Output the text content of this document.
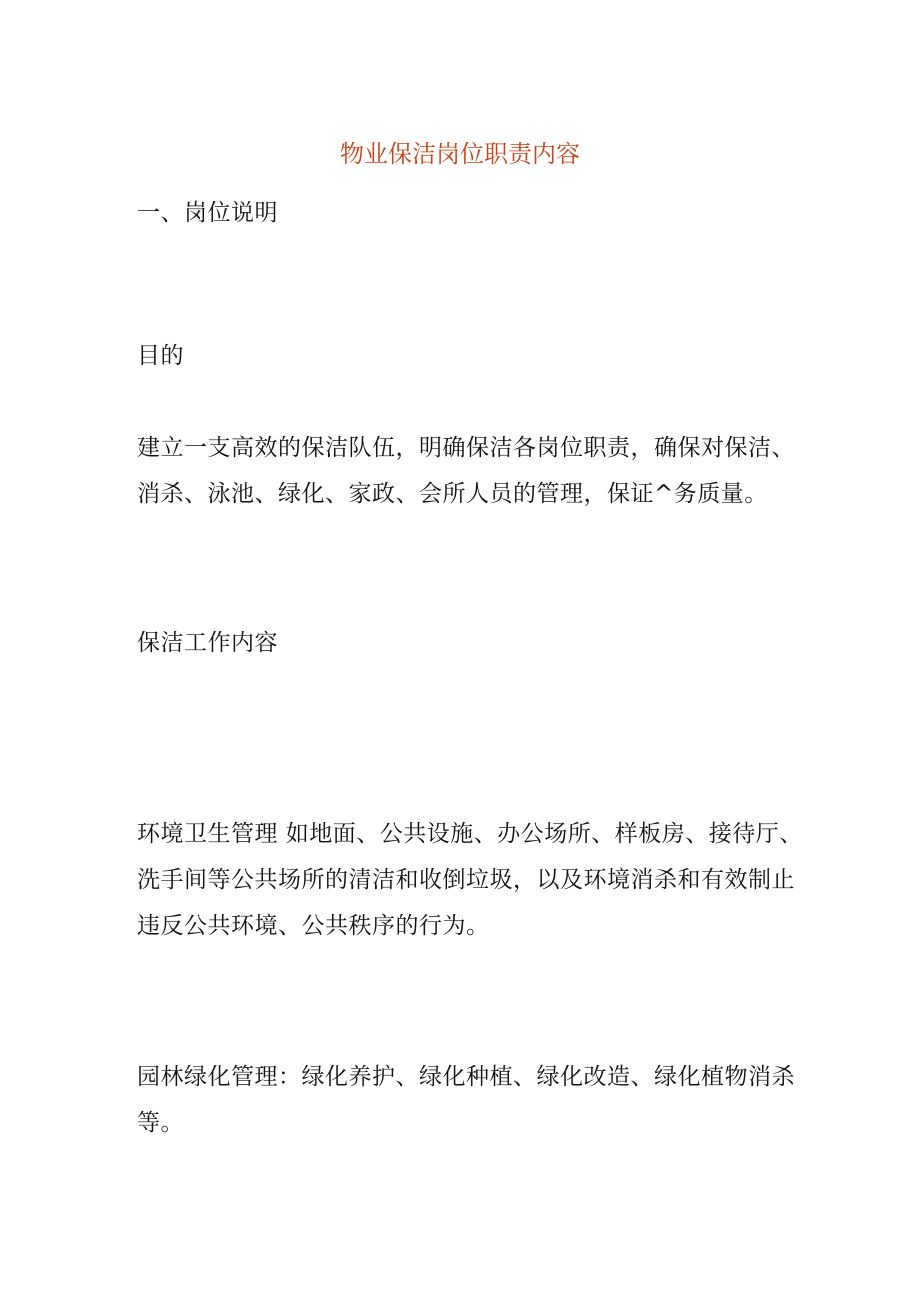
物业保洁岗位职责内容
一、岗位说明
目的
建立一支高效的保洁队伍，明确保洁各岗位职责，确保对保洁、
消杀、泳池、绿化、家政、会所人员的管理，保证^务质量。
保洁工作内容
环境卫生管理 如地面、公共设施、办公场所、样板房、接待厅、
洗手间等公共场所的清洁和收倒垃圾，以及环境消杀和有效制止
违反公共环境、公共秩序的行为。
园林绿化管理：绿化养护、绿化种植、绿化改造、绿化植物消杀
等。
